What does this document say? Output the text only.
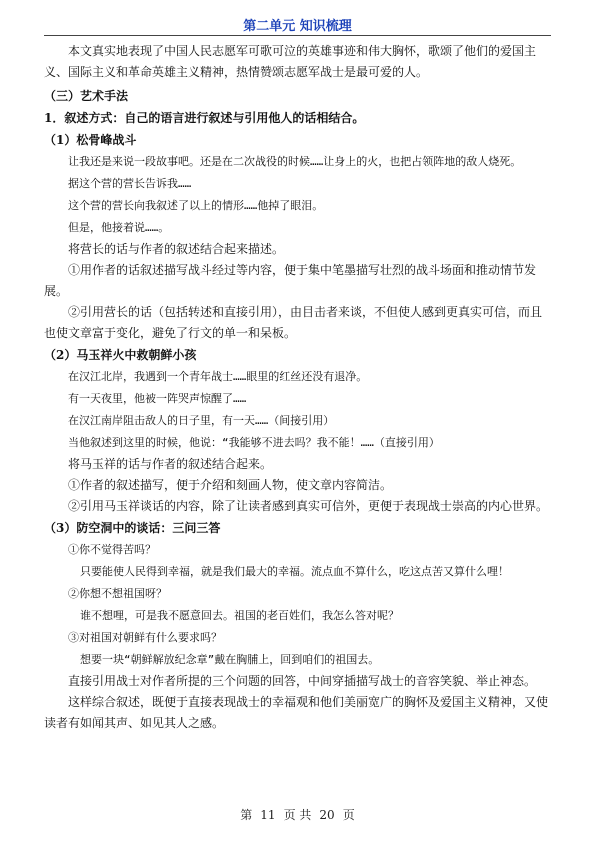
第二单元 知识梳理

本文真实地表现了中国人民志愿军可歌可泣的英雄事迹和伟大胸怀，歌颂了他们的爱国主义、国际主义和革命英雄主义精神，热情赞颂志愿军战士是最可爱的人。

（三）艺术手法

1．叙述方式：自己的语言进行叙述与引用他人的话相结合。

（1）松骨峰战斗

让我还是来说一段故事吧。还是在二次战役的时候……让身上的火，也把占领阵地的敌人烧死。

据这个营的营长告诉我……

这个营的营长向我叙述了以上的情形……他掉了眼泪。

但是，他接着说……。

将营长的话与作者的叙述结合起来描述。

①用作者的话叙述描写战斗经过等内容，便于集中笔墨描写壮烈的战斗场面和推动情节发展。

②引用营长的话（包括转述和直接引用），由目击者来谈，不但使人感到更真实可信，而且也使文章富于变化，避免了行文的单一和呆板。

（2）马玉祥火中救朝鲜小孩

在汉江北岸，我遇到一个青年战士……眼里的红丝还没有退净。

有一天夜里，他被一阵哭声惊醒了……

在汉江南岸阻击敌人的日子里，有一天……（间接引用）

当他叙述到这里的时候，他说：“我能够不进去吗？我不能！……（直接引用）

将马玉祥的话与作者的叙述结合起来。

①作者的叙述描写，便于介绍和刻画人物，使文章内容简洁。

②引用马玉祥谈话的内容，除了让读者感到真实可信外，更便于表现战士崇高的内心世界。

（3）防空洞中的谈话：三问三答

①你不觉得苦吗？

只要能使人民得到幸福，就是我们最大的幸福。流点血不算什么，吃这点苦又算什么哩！

②你想不想祖国呀？

谁不想哩，可是我不愿意回去。祖国的老百姓们，我怎么答对呢？

③对祖国对朝鲜有什么要求吗？

想要一块“朝鲜解放纪念章”戴在胸脯上，回到咱们的祖国去。

直接引用战士对作者所提的三个问题的回答，中间穿插描写战士的音容笑貌、举止神态。

这样综合叙述，既便于直接表现战士的幸福观和他们美丽宽广的胸怀及爱国主义精神，又使读者有如闻其声、如见其人之感。

第 11 页 共 20 页
